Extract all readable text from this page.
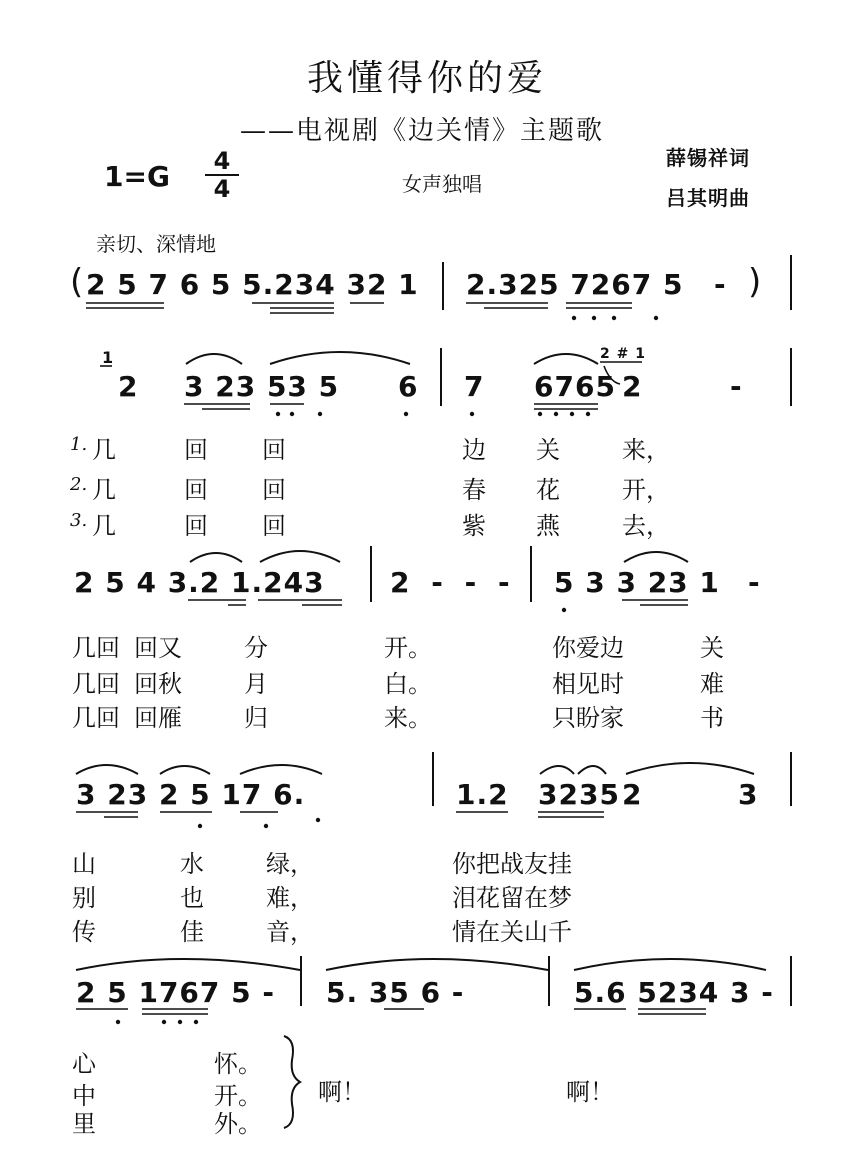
我懂得你的爱
——电视剧《边关情》主题歌
1=G	4
4	女声独唱
薛锡祥词
吕其明曲
亲切、深情地
( 2 5 7 6 5 5.234 32 1 2.325 7267 5 - )
1
2 3 23 53 5 6 7 6765
2 # 1
2	-
1. 几	回 回	边 关	来，
2. 几	回 回	春 花	开，
3. 几	回 回	紫 燕	去，
2 5 4 3.2 1.243 2 - - - 5 3 3 23 1 -
几回 回又	分	开。	你爱边	关
几回 回秋	月	白。	相见时	难
几回 回雁	归	来。	只盼家	书
3 23 2 5 17 6.	1.2 3235 2	3
山	水	绿，	你把战友挂
别	也	难，	泪花留在梦
传	佳	音，	情在关山千
2 5 1767 5 - 5. 35 6 -	5.6 5234 3 -
心	怀。
中	开。
里	外。
啊！	啊！
